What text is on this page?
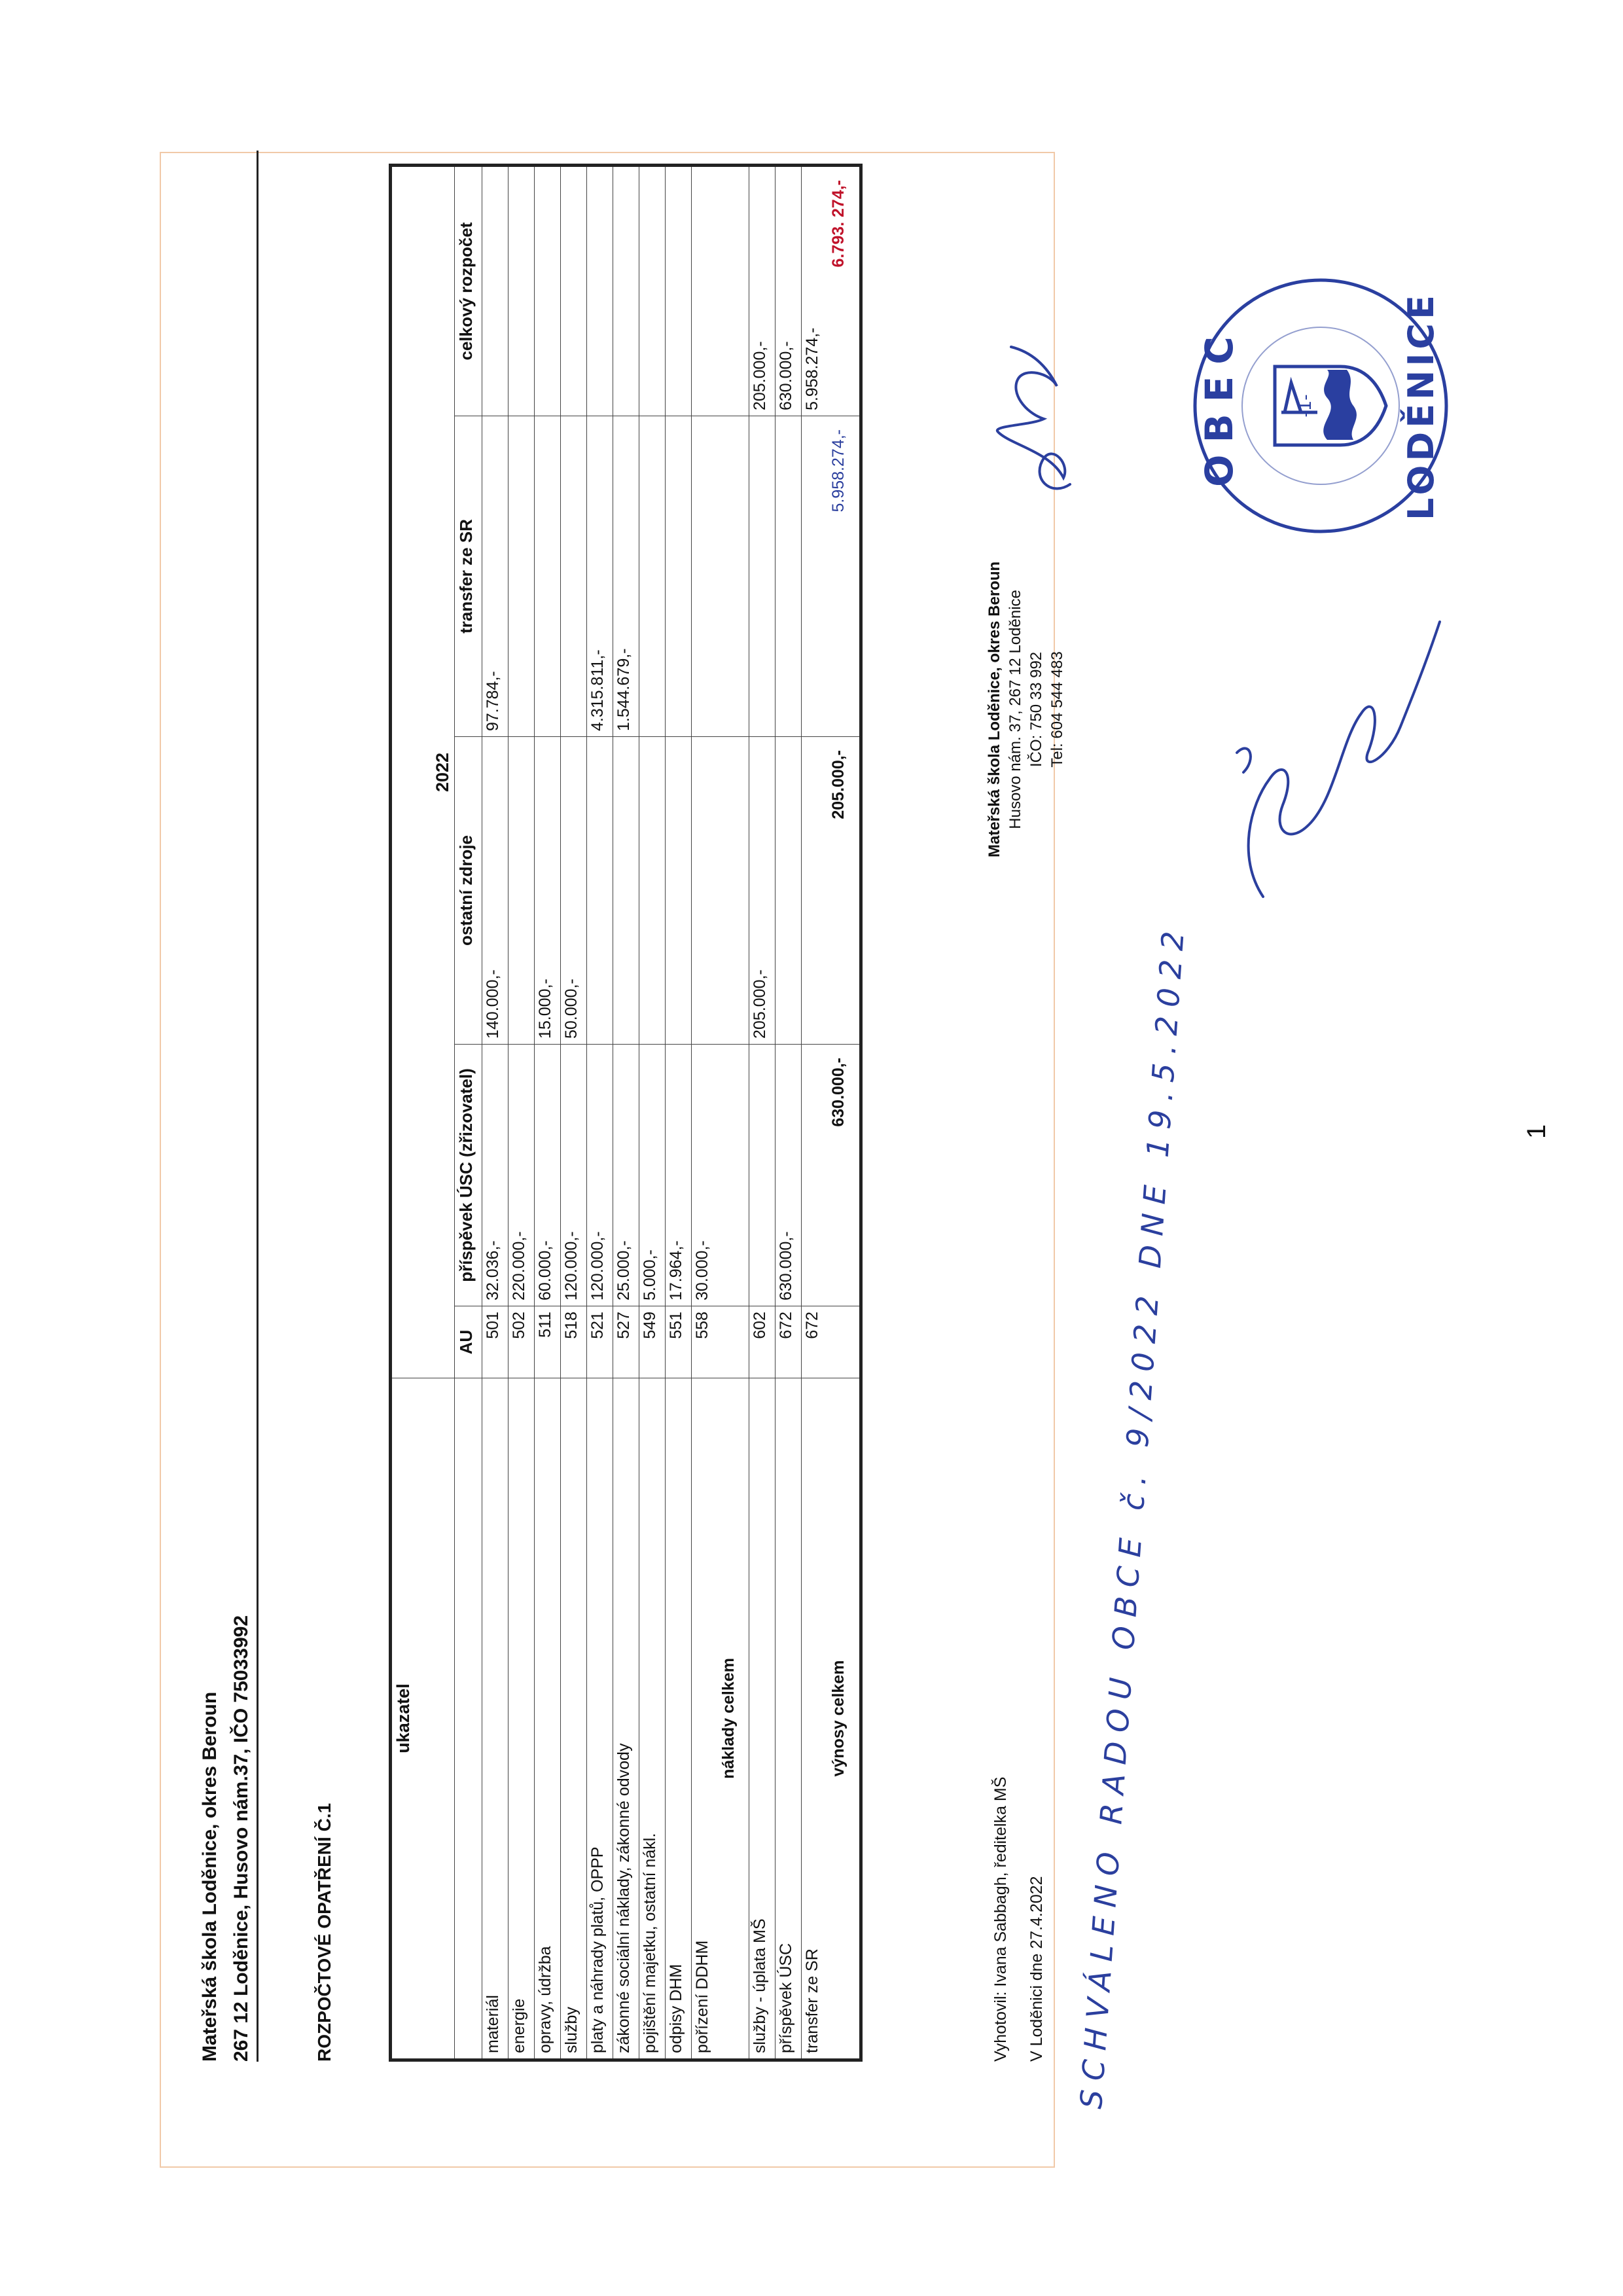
Mateřská škola Loděnice, okres Beroun 267 12 Loděnice, Husovo nám.37, IČO 75033992	ROZPOČTOVÉ OPATŘENÍ Č.1
ukazatel
2022
AU
příspěvek ÚSC (zřizovatel)
ostatní zdroje
transfer ze SR
celkový rozpočet
materiál
501
32.036,-
140.000,-
97.784,-
energie
502
220.000,-
opravy, údržba
511
60.000,-
15.000,-
služby
518
120.000,-
50.000,-
platy a náhrady platů, OPPP
521
120.000,-
4.315.811,-
zákonné sociální náklady, zákonné odvody
527
25.000,-
1.544.679,-
pojištění majetku, ostatní nákl.
549
5.000,-
odpisy DHM
551
17.964,-
pořízení DDHM
558
30.000,-
náklady celkem
služby - úplata MŠ
602
205.000,-
205.000,-
příspěvek ÚSC
672
630.000,-
630.000,-
transfer ze SR
672
5.958.274,-
výnosy celkem
630.000,-
205.000,-
5.958.274,-
6.793. 274,-
Vyhotovil: Ivana Sabbagh, ředitelka MŠ V Loděnici dne 27.4.2022
Mateřská škola Loděnice, okres Beroun Husovo nám. 37, 267 12 Loděnice IČO: 750 33 992 Tel: 604 544 483
SCHVÁLENO RADOU OBCE č. 9/2022 DNE 19.5.2022
OBEC	-1- LODĚNICE
1
